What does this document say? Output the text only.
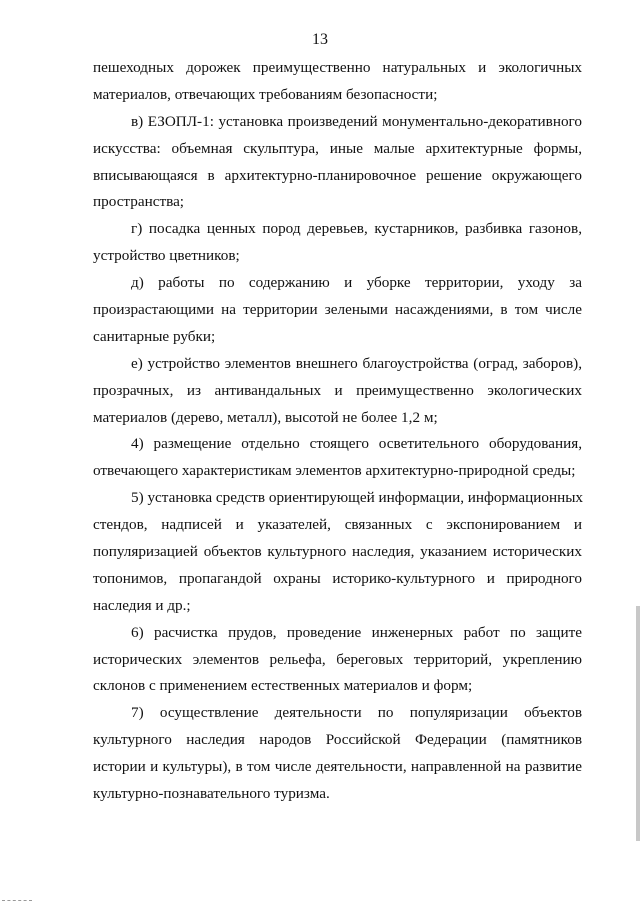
13
пешеходных дорожек преимущественно натуральных и экологичных
материалов, отвечающих требованиям безопасности;
в) ЕЗОПЛ-1: установка произведений монументально-декоративного
искусства: объемная скульптура, иные малые архитектурные формы,
вписывающаяся в архитектурно-планировочное решение окружающего
пространства;
г) посадка ценных пород деревьев, кустарников, разбивка газонов,
устройство цветников;
д) работы по содержанию и уборке территории, уходу за
произрастающими на территории зелеными насаждениями, в том числе
санитарные рубки;
е) устройство элементов внешнего благоустройства (оград, заборов),
прозрачных, из антивандальных и преимущественно экологических
материалов (дерево, металл), высотой не более 1,2 м;
4) размещение отдельно стоящего осветительного оборудования,
отвечающего характеристикам элементов архитектурно-природной среды;
5) установка средств ориентирующей информации, информационных
стендов, надписей и указателей, связанных с экспонированием и
популяризацией объектов культурного наследия, указанием исторических
топонимов, пропагандой охраны историко-культурного и природного
наследия и др.;
6) расчистка прудов, проведение инженерных работ по защите
исторических элементов рельефа, береговых территорий, укреплению
склонов с применением естественных материалов и форм;
7) осуществление деятельности по популяризации объектов
культурного наследия народов Российской Федерации (памятников
истории и культуры), в том числе деятельности, направленной на развитие
культурно-познавательного туризма.
